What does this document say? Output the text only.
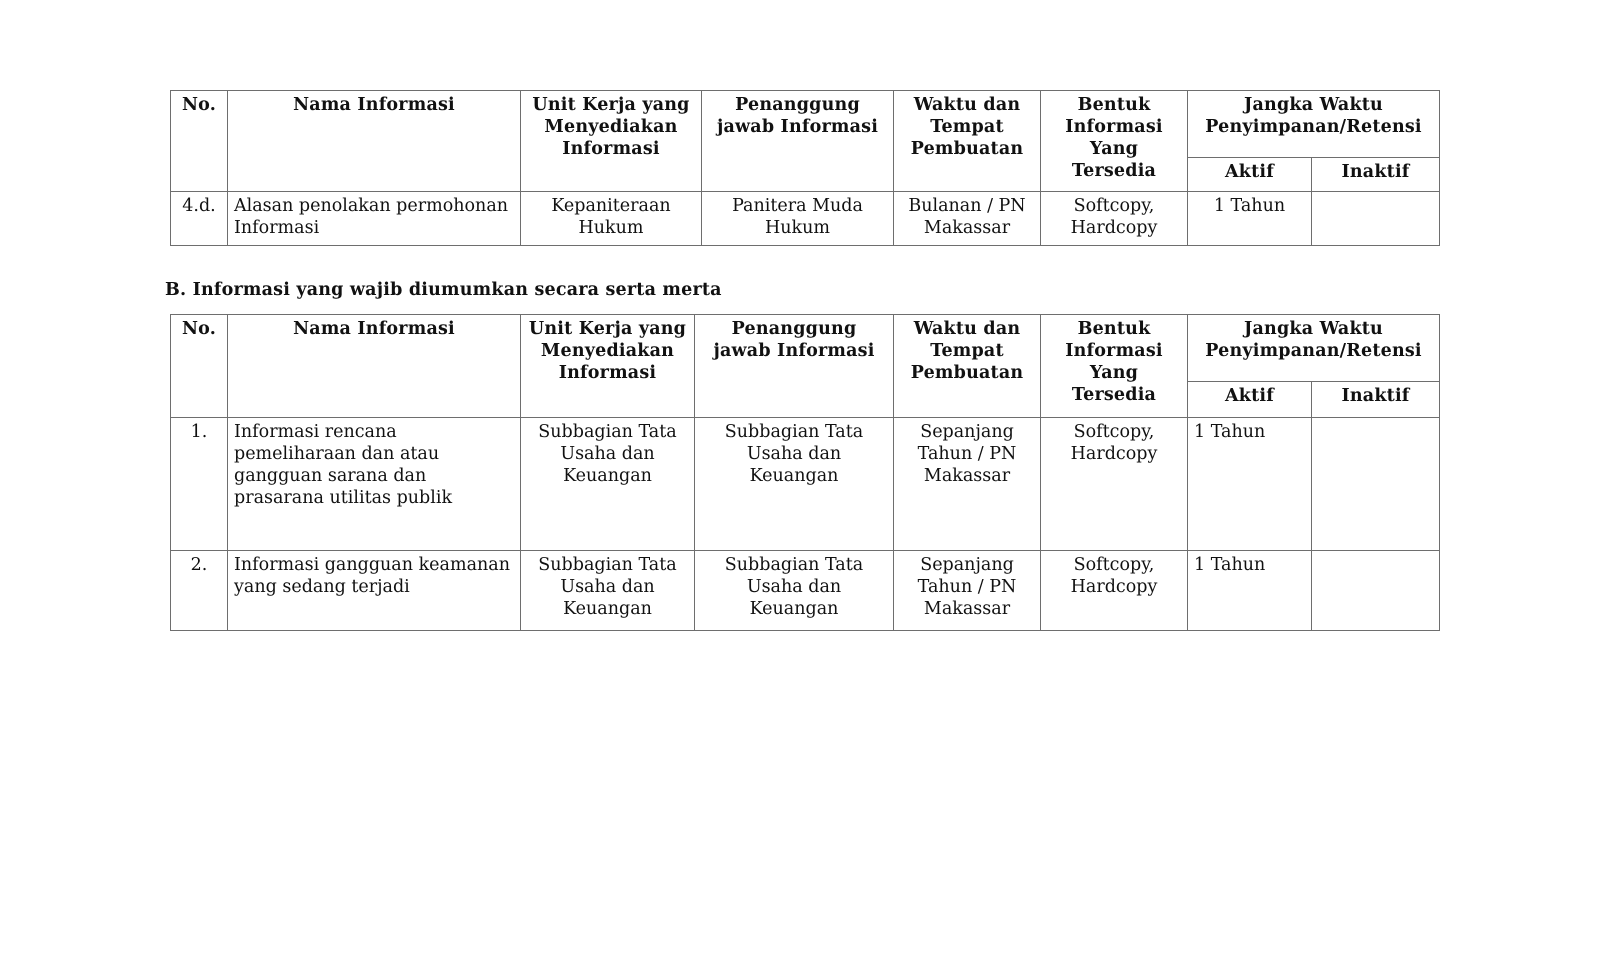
No.	Nama Informasi	Unit Kerja yang Menyediakan Informasi	Penanggung jawab Informasi	Waktu dan Tempat Pembuatan	Bentuk Informasi Yang Tersedia	Jangka Waktu Penyimpanan/Retensi	
						Aktif	Inaktif
4.d.	Alasan penolakan permohonan Informasi	Kepaniteraan Hukum	Panitera Muda Hukum	Bulanan / PN Makassar	Softcopy, Hardcopy	1 Tahun	

B. Informasi yang wajib diumumkan secara serta merta

No.	Nama Informasi	Unit Kerja yang Menyediakan Informasi	Penanggung jawab Informasi	Waktu dan Tempat Pembuatan	Bentuk Informasi Yang Tersedia	Jangka Waktu Penyimpanan/Retensi	
						Aktif	Inaktif
1.	Informasi rencana pemeliharaan dan atau gangguan sarana dan prasarana utilitas publik	Subbagian Tata Usaha dan Keuangan	Subbagian Tata Usaha dan Keuangan	Sepanjang Tahun / PN Makassar	Softcopy, Hardcopy	1 Tahun	
2.	Informasi gangguan keamanan yang sedang terjadi	Subbagian Tata Usaha dan Keuangan	Subbagian Tata Usaha dan Keuangan	Sepanjang Tahun / PN Makassar	Softcopy, Hardcopy	1 Tahun	
